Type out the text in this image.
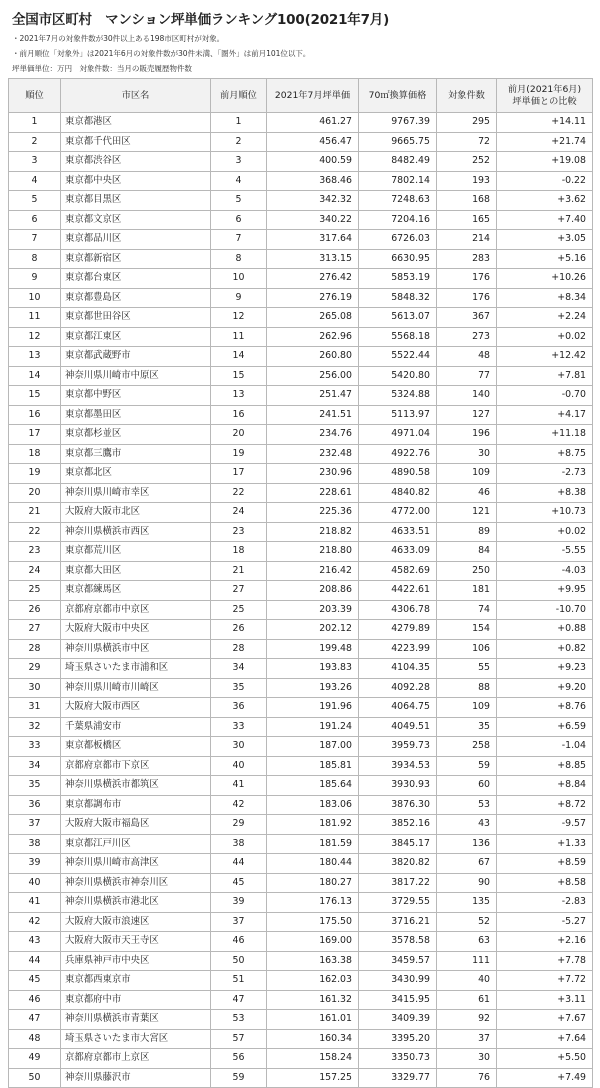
全国市区町村　マンション坪単価ランキング100(2021年7月)
・2021年7月の対象件数が30件以上ある198市区町村が対象。
・前月順位「対象外」は2021年6月の対象件数が30件未満、「圏外」は前月101位以下。
坪単価単位：万円　対象件数：当月の販売履歴物件数
順位	市区名	前月順位	2021年7月坪単価	70㎡換算価格	対象件数	前月(2021年6月)
坪単価との比較

1	東京都港区	1	461.27	9767.39	295	+14.11
2	東京都千代田区	2	456.47	9665.75	72	+21.74
3	東京都渋谷区	3	400.59	8482.49	252	+19.08
4	東京都中央区	4	368.46	7802.14	193	-0.22
5	東京都目黒区	5	342.32	7248.63	168	+3.62
6	東京都文京区	6	340.22	7204.16	165	+7.40
7	東京都品川区	7	317.64	6726.03	214	+3.05
8	東京都新宿区	8	313.15	6630.95	283	+5.16
9	東京都台東区	10	276.42	5853.19	176	+10.26
10	東京都豊島区	9	276.19	5848.32	176	+8.34
11	東京都世田谷区	12	265.08	5613.07	367	+2.24
12	東京都江東区	11	262.96	5568.18	273	+0.02
13	東京都武蔵野市	14	260.80	5522.44	48	+12.42
14	神奈川県川崎市中原区	15	256.00	5420.80	77	+7.81
15	東京都中野区	13	251.47	5324.88	140	-0.70
16	東京都墨田区	16	241.51	5113.97	127	+4.17
17	東京都杉並区	20	234.76	4971.04	196	+11.18
18	東京都三鷹市	19	232.48	4922.76	30	+8.75
19	東京都北区	17	230.96	4890.58	109	-2.73
20	神奈川県川崎市幸区	22	228.61	4840.82	46	+8.38
21	大阪府大阪市北区	24	225.36	4772.00	121	+10.73
22	神奈川県横浜市西区	23	218.82	4633.51	89	+0.02
23	東京都荒川区	18	218.80	4633.09	84	-5.55
24	東京都大田区	21	216.42	4582.69	250	-4.03
25	東京都練馬区	27	208.86	4422.61	181	+9.95
26	京都府京都市中京区	25	203.39	4306.78	74	-10.70
27	大阪府大阪市中央区	26	202.12	4279.89	154	+0.88
28	神奈川県横浜市中区	28	199.48	4223.99	106	+0.82
29	埼玉県さいたま市浦和区	34	193.83	4104.35	55	+9.23
30	神奈川県川崎市川崎区	35	193.26	4092.28	88	+9.20
31	大阪府大阪市西区	36	191.96	4064.75	109	+8.76
32	千葉県浦安市	33	191.24	4049.51	35	+6.59
33	東京都板橋区	30	187.00	3959.73	258	-1.04
34	京都府京都市下京区	40	185.81	3934.53	59	+8.85
35	神奈川県横浜市都筑区	41	185.64	3930.93	60	+8.84
36	東京都調布市	42	183.06	3876.30	53	+8.72
37	大阪府大阪市福島区	29	181.92	3852.16	43	-9.57
38	東京都江戸川区	38	181.59	3845.17	136	+1.33
39	神奈川県川崎市高津区	44	180.44	3820.82	67	+8.59
40	神奈川県横浜市神奈川区	45	180.27	3817.22	90	+8.58
41	神奈川県横浜市港北区	39	176.13	3729.55	135	-2.83
42	大阪府大阪市浪速区	37	175.50	3716.21	52	-5.27
43	大阪府大阪市天王寺区	46	169.00	3578.58	63	+2.16
44	兵庫県神戸市中央区	50	163.38	3459.57	111	+7.78
45	東京都西東京市	51	162.03	3430.99	40	+7.72
46	東京都府中市	47	161.32	3415.95	61	+3.11
47	神奈川県横浜市青葉区	53	161.01	3409.39	92	+7.67
48	埼玉県さいたま市大宮区	57	160.34	3395.20	37	+7.64
49	京都府京都市上京区	56	158.24	3350.73	30	+5.50
50	神奈川県藤沢市	59	157.25	3329.77	76	+7.49
